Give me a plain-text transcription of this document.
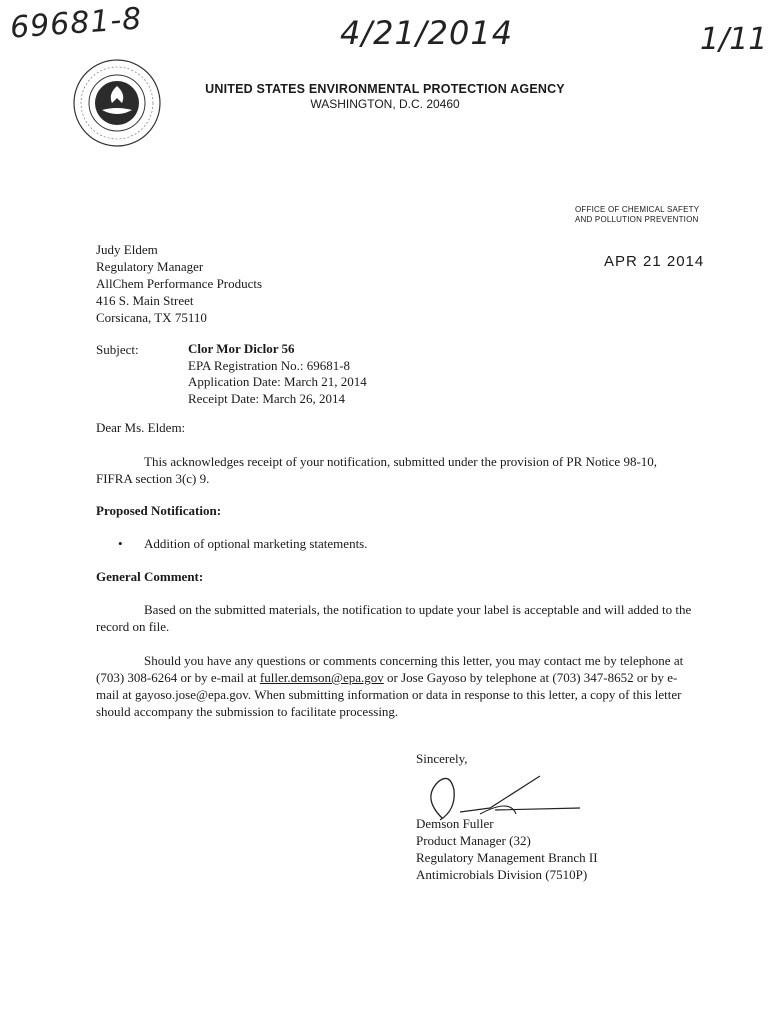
69681-8	4/21/2014	1/11
UNITED STATES ENVIRONMENTAL PROTECTION AGENCY
WASHINGTON, D.C. 20460
OFFICE OF CHEMICAL SAFETY
AND POLLUTION PREVENTION
APR 21 2014
Judy Eldem
Regulatory Manager
AllChem Performance Products
416 S. Main Street
Corsicana, TX 75110
Subject:	Clor Mor Diclor 56
EPA Registration No.: 69681-8
Application Date: March 21, 2014
Receipt Date: March 26, 2014
Dear Ms. Eldem:
This acknowledges receipt of your notification, submitted under the provision of PR Notice 98-10, FIFRA section 3(c) 9.
Proposed Notification:
• Addition of optional marketing statements.
General Comment:
Based on the submitted materials, the notification to update your label is acceptable and will added to the record on file.
Should you have any questions or comments concerning this letter, you may contact me by telephone at (703) 308-6264 or by e-mail at fuller.demson@epa.gov or Jose Gayoso by telephone at (703) 347-8652 or by e-mail at gayoso.jose@epa.gov. When submitting information or data in response to this letter, a copy of this letter should accompany the submission to facilitate processing.
Sincerely,
Demson Fuller
Product Manager (32)
Regulatory Management Branch II
Antimicrobials Division (7510P)
